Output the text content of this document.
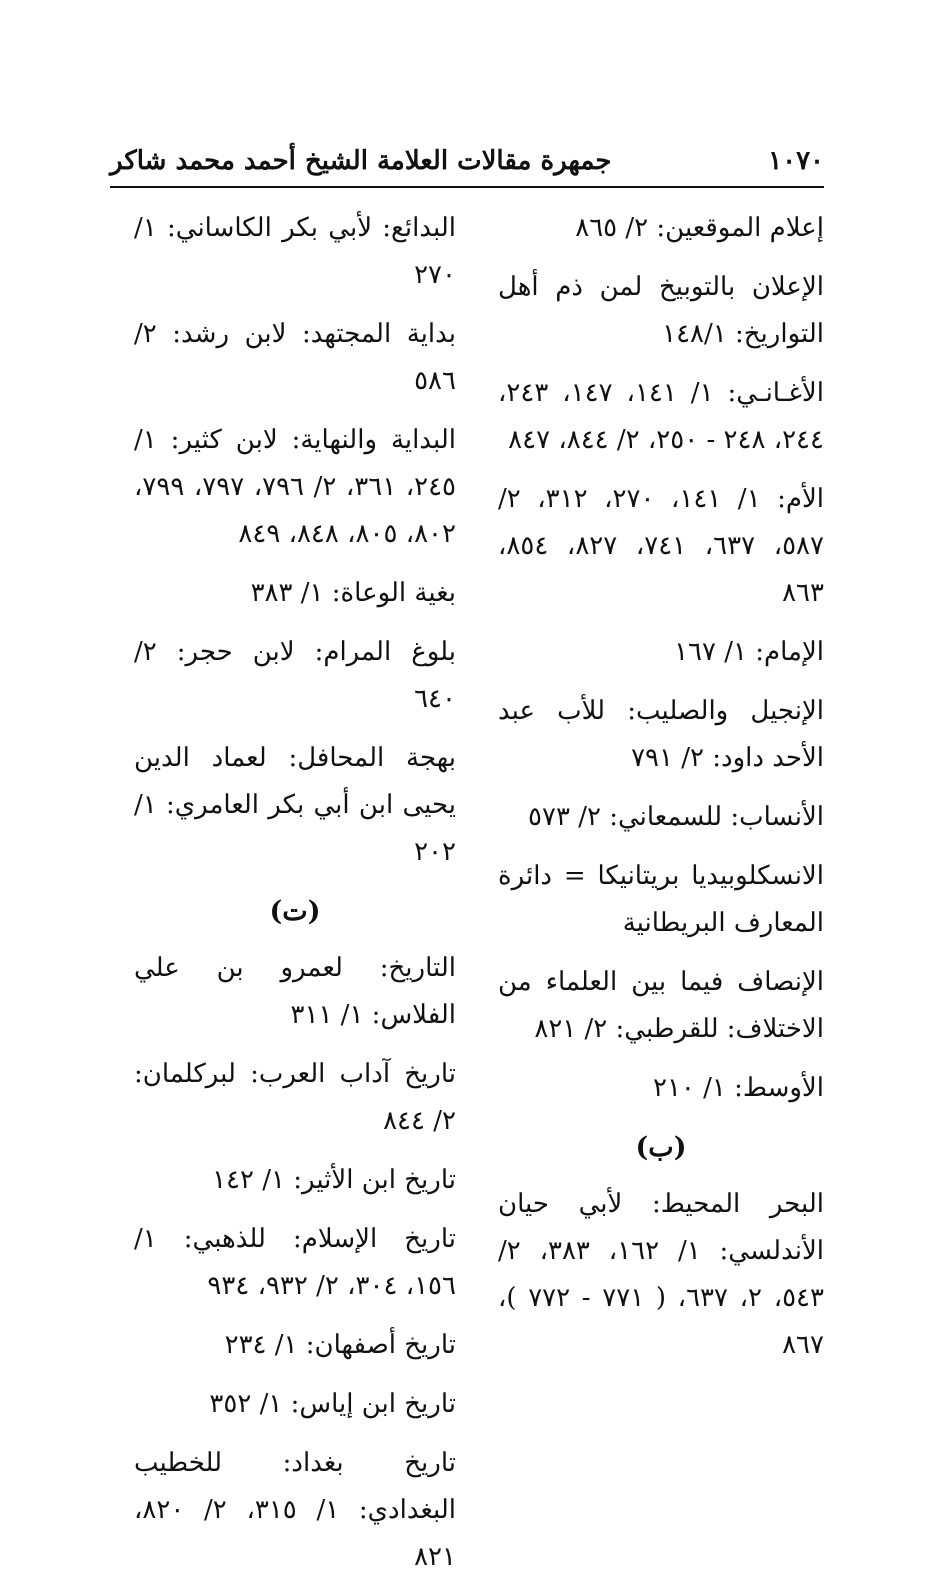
١٠٧٠
جمهرة مقالات العلامة الشيخ أحمد محمد شاكر
إعلام الموقعين: ٢/ ٨٦٥
الإعلان بالتوبيخ لمن ذم أهل التواريخ: ١٤٨/١
الأغـانـي: ١/ ١٤١، ١٤٧، ٢٤٣، ٢٤٤، ٢٤٨ - ٢٥٠، ٢/ ٨٤٤، ٨٤٧
الأم: ١/ ١٤١، ٢٧٠، ٣١٢، ٢/ ٥٨٧، ٦٣٧، ٧٤١، ٨٢٧، ٨٥٤، ٨٦٣
الإمام: ١/ ١٦٧
الإنجيل والصليب: للأب عبد الأحد داود: ٢/ ٧٩١
الأنساب: للسمعاني: ٢/ ٥٧٣
الانسكلوبيديا بريتانيكا = دائرة المعارف البريطانية
الإنصاف فيما بين العلماء من الاختلاف: للقرطبي: ٢/ ٨٢١
الأوسط: ١/ ٢١٠
(ب)
البحر المحيط: لأبي حيان الأندلسي: ١/ ١٦٢، ٣٨٣، ٢/ ٥٤٣، ٢، ٦٣٧، ( ٧٧١ - ٧٧٢ )، ٨٦٧
البدائع: لأبي بكر الكاساني: ١/ ٢٧٠
بداية المجتهد: لابن رشد: ٢/ ٥٨٦
البداية والنهاية: لابن كثير: ١/ ٢٤٥، ٣٦١، ٢/ ٧٩٦، ٧٩٧، ٧٩٩، ٨٠٢، ٨٠٥، ٨٤٨، ٨٤٩
بغية الوعاة: ١/ ٣٨٣
بلوغ المرام: لابن حجر: ٢/ ٦٤٠
بهجة المحافل: لعماد الدين يحيى ابن أبي بكر العامري: ١/ ٢٠٢
(ت)
التاريخ: لعمرو بن علي الفلاس: ١/ ٣١١
تاريخ آداب العرب: لبركلمان: ٢/ ٨٤٤
تاريخ ابن الأثير: ١/ ١٤٢
تاريخ الإسلام: للذهبي: ١/ ١٥٦، ٣٠٤، ٢/ ٩٣٢، ٩٣٤
تاريخ أصفهان: ١/ ٢٣٤
تاريخ ابن إياس: ١/ ٣٥٢
تاريخ بغداد: للخطيب البغدادي: ١/ ٣١٥، ٢/ ٨٢٠، ٨٢١
